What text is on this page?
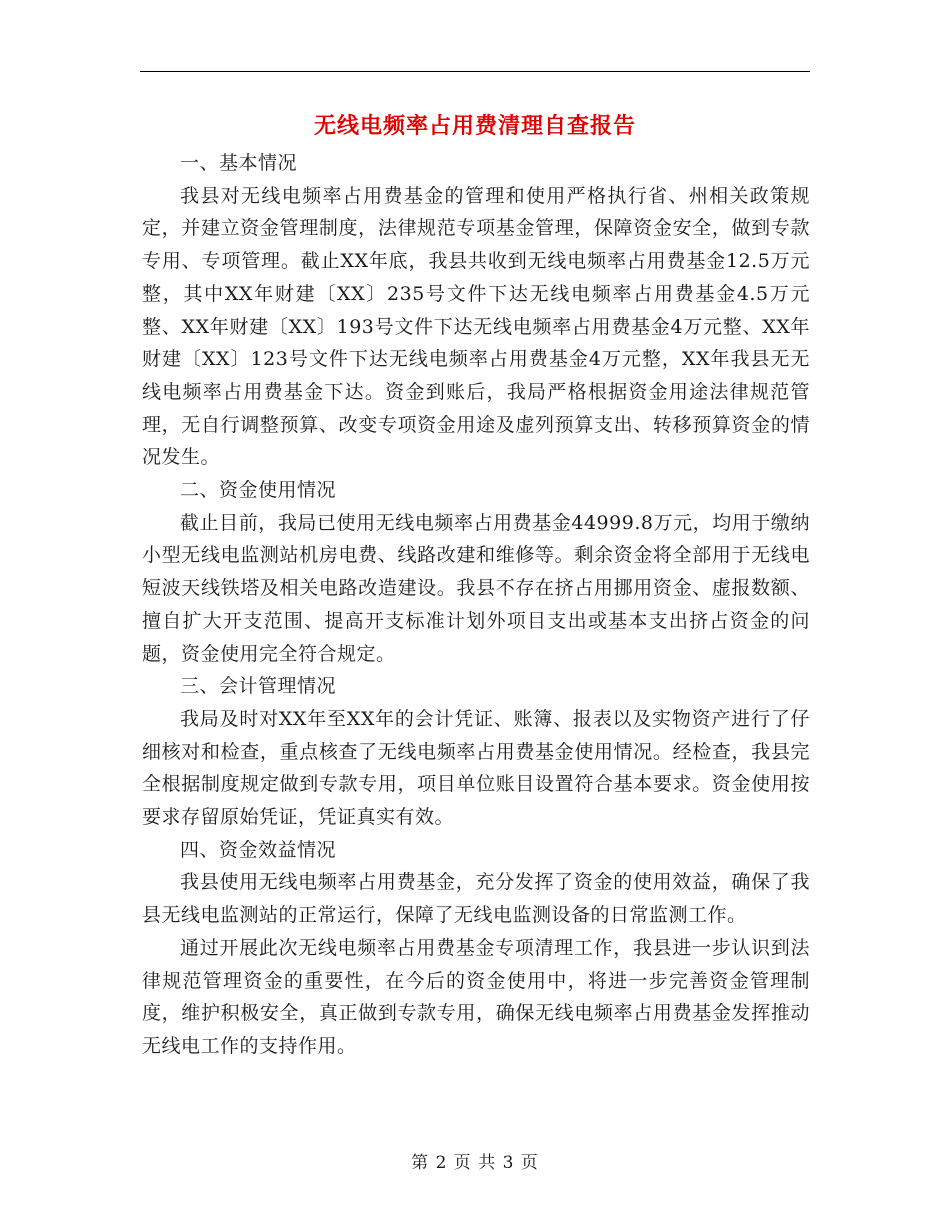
无线电频率占用费清理自查报告

一、基本情况

我县对无线电频率占用费基金的管理和使用严格执行省、州相关政策规定，并建立资金管理制度，法律规范专项基金管理，保障资金安全，做到专款专用、专项管理。截止XX年底，我县共收到无线电频率占用费基金12.5万元整，其中XX年财建〔XX〕235号文件下达无线电频率占用费基金4.5万元整、XX年财建〔XX〕193号文件下达无线电频率占用费基金4万元整、XX年财建〔XX〕123号文件下达无线电频率占用费基金4万元整，XX年我县无无线电频率占用费基金下达。资金到账后，我局严格根据资金用途法律规范管理，无自行调整预算、改变专项资金用途及虚列预算支出、转移预算资金的情况发生。

二、资金使用情况

截止目前，我局已使用无线电频率占用费基金44999.8万元，均用于缴纳小型无线电监测站机房电费、线路改建和维修等。剩余资金将全部用于无线电短波天线铁塔及相关电路改造建设。我县不存在挤占用挪用资金、虚报数额、擅自扩大开支范围、提高开支标准计划外项目支出或基本支出挤占资金的问题，资金使用完全符合规定。

三、会计管理情况

我局及时对XX年至XX年的会计凭证、账簿、报表以及实物资产进行了仔细核对和检查，重点核查了无线电频率占用费基金使用情况。经检查，我县完全根据制度规定做到专款专用，项目单位账目设置符合基本要求。资金使用按要求存留原始凭证，凭证真实有效。

四、资金效益情况

我县使用无线电频率占用费基金，充分发挥了资金的使用效益，确保了我县无线电监测站的正常运行，保障了无线电监测设备的日常监测工作。

通过开展此次无线电频率占用费基金专项清理工作，我县进一步认识到法律规范管理资金的重要性，在今后的资金使用中，将进一步完善资金管理制度，维护积极安全，真正做到专款专用，确保无线电频率占用费基金发挥推动无线电工作的支持作用。

第 2 页 共 3 页
